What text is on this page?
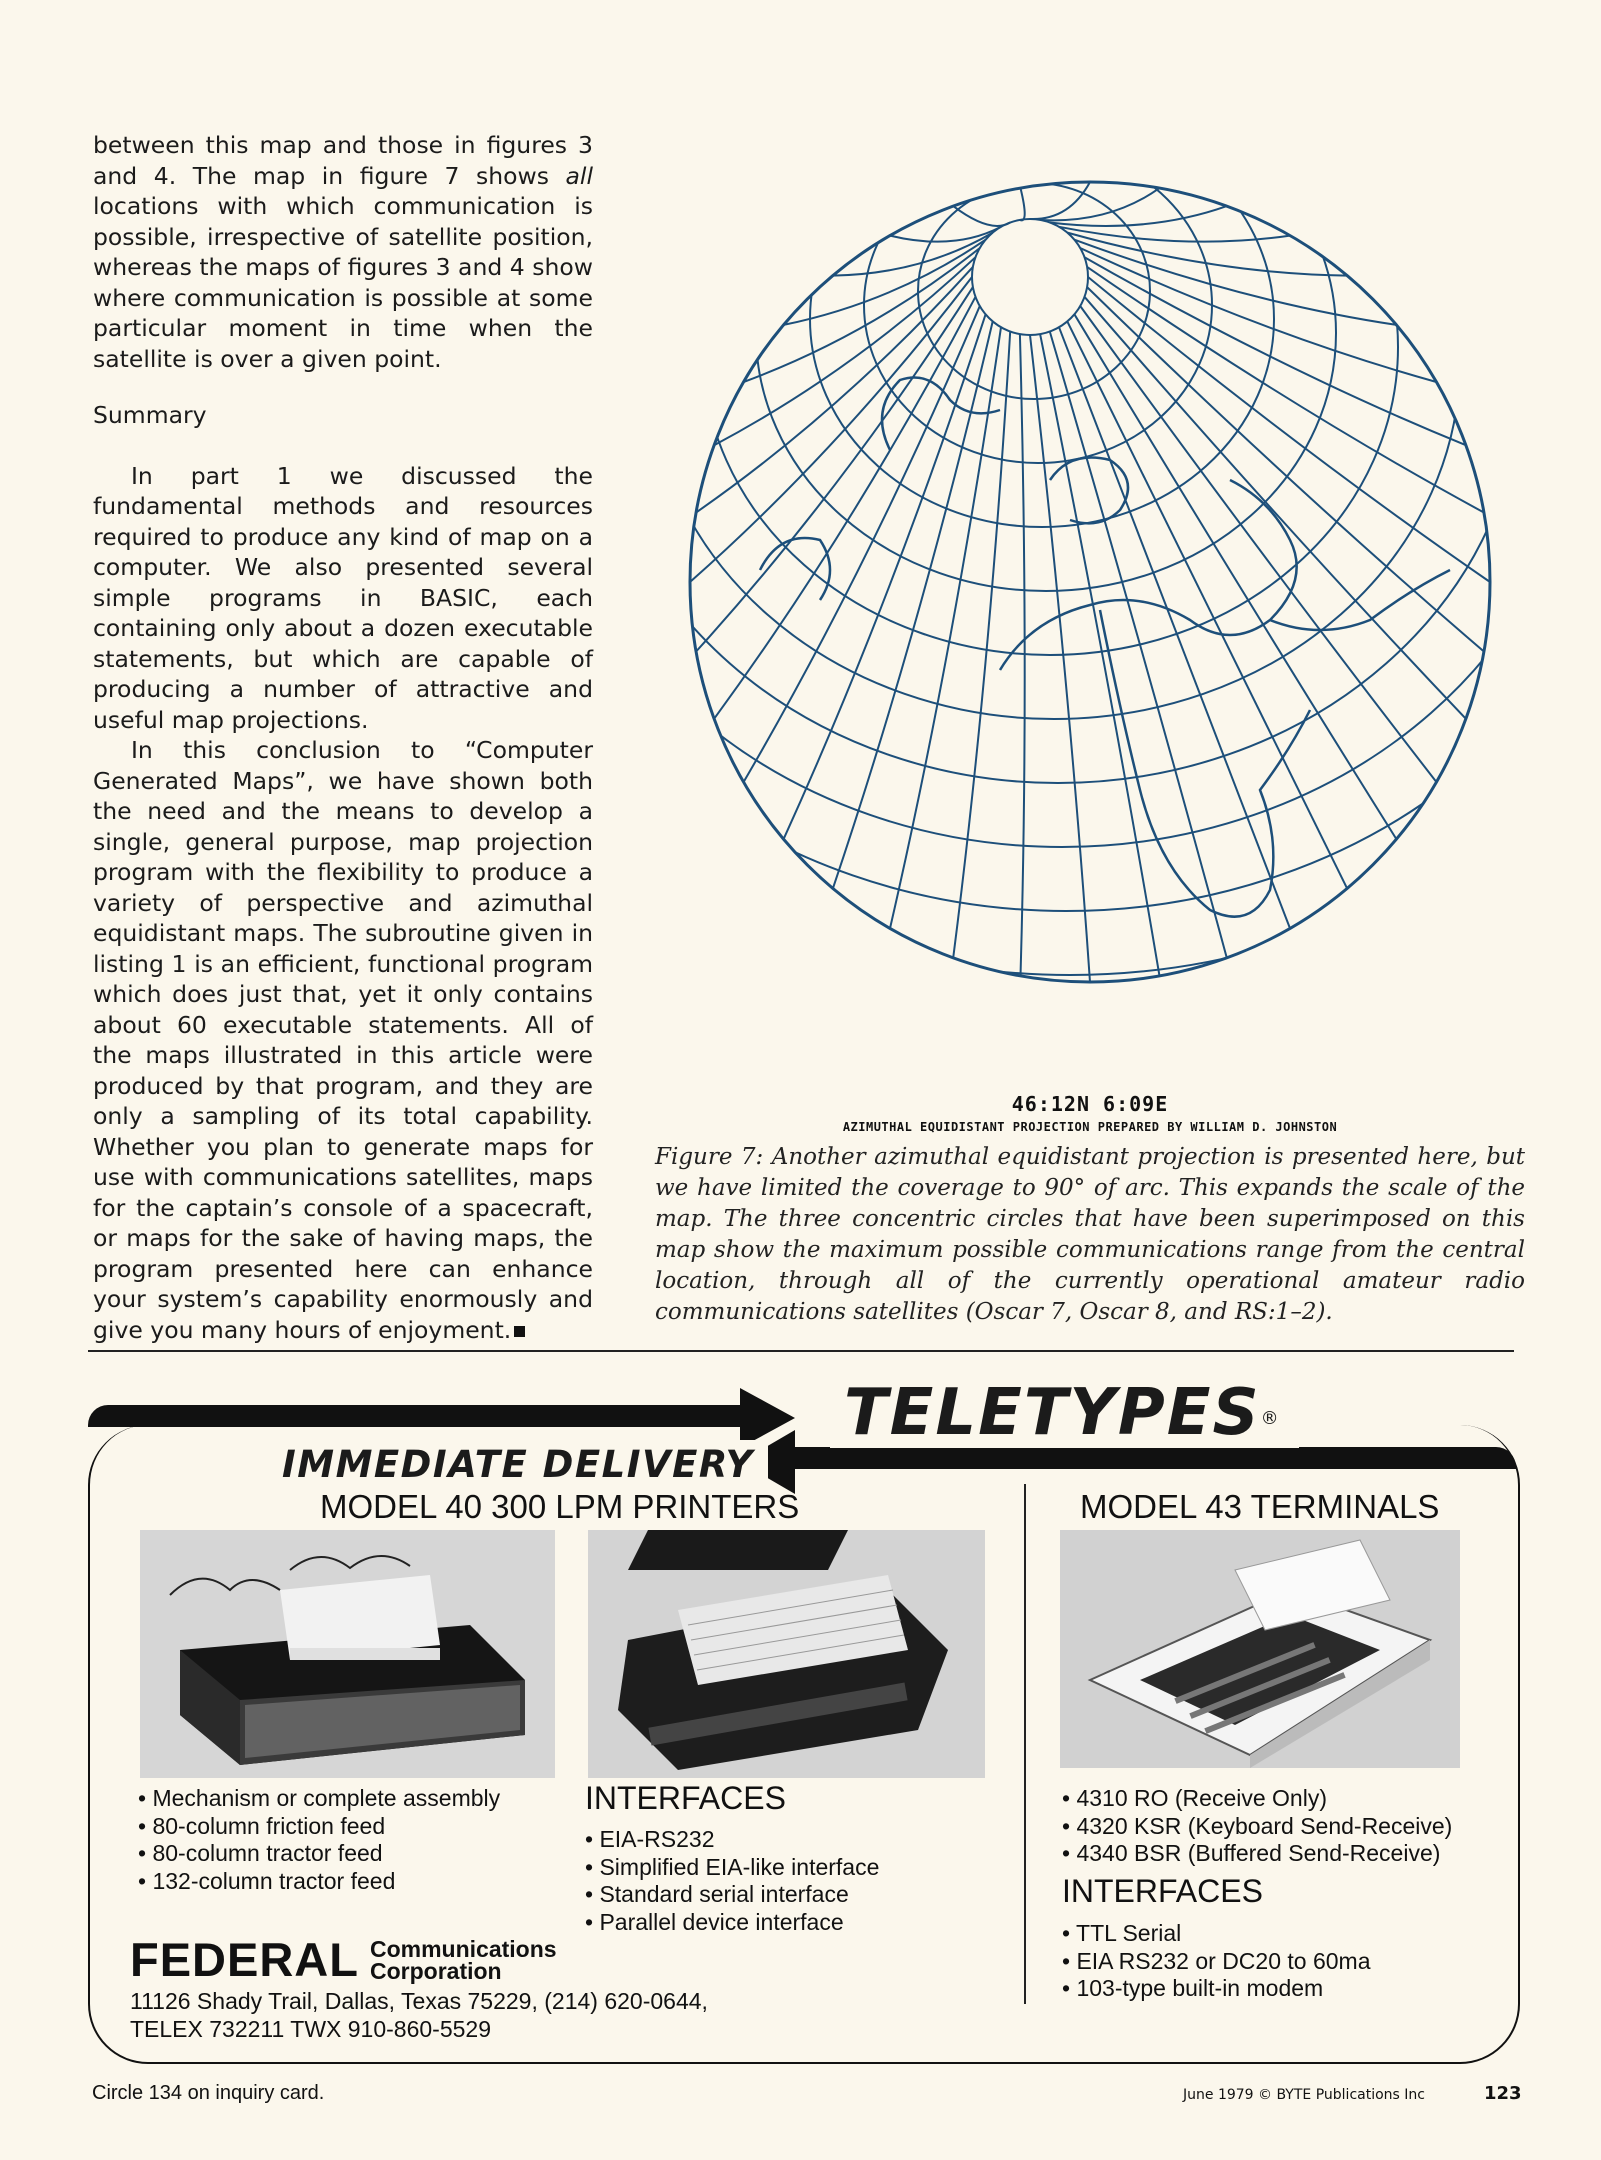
between this map and those in figures 3 and 4. The map in figure 7 shows all locations with which communication is possible, irrespective of satellite position, whereas the maps of figures 3 and 4 show where communication is possible at some particular moment in time when the satellite is over a given point.

Summary

In part 1 we discussed the fundamental methods and resources required to produce any kind of map on a computer. We also presented several simple programs in BASIC, each containing only about a dozen executable statements, but which are capable of producing a number of attractive and useful map projections.

In this conclusion to “Computer Generated Maps”, we have shown both the need and the means to develop a single, general purpose, map projection program with the flexibility to produce a variety of perspective and azimuthal equidistant maps. The subroutine given in listing 1 is an efficient, functional program which does just that, yet it only contains about 60 executable statements. All of the maps illustrated in this article were produced by that program, and they are only a sampling of its total capability. Whether you plan to generate maps for use with communications satellites, maps for the captain’s console of a spacecraft, or maps for the sake of having maps, the program presented here can enhance your system’s capability enormously and give you many hours of enjoyment.

46:12N 6:09E
AZIMUTHAL EQUIDISTANT PROJECTION PREPARED BY WILLIAM D. JOHNSTON
Figure 7: Another azimuthal equidistant projection is presented here, but we have limited the coverage to 90° of arc. This expands the scale of the map. The three concentric circles that have been superimposed on this map show the maximum possible communications range from the central location, through all of the currently operational amateur radio communications satellites (Oscar 7, Oscar 8, and RS:1–2).
TELETYPES®
IMMEDIATE DELIVERY
MODEL 40 300 LPM PRINTERS	MODEL 43 TERMINALS
• Mechanism or complete assembly
• 80-column friction feed
• 80-column tractor feed
• 132-column tractor feed
INTERFACES
• EIA-RS232
• Simplified EIA-like interface
• Standard serial interface
• Parallel device interface
• 4310 RO (Receive Only)
• 4320 KSR (Keyboard Send-Receive)
• 4340 BSR (Buffered Send-Receive)
INTERFACES
• TTL Serial
• EIA RS232 or DC20 to 60ma
• 103-type built-in modem
FEDERAL Communications
Corporation
11126 Shady Trail, Dallas, Texas 75229, (214) 620-0644,
TELEX 732211 TWX 910-860-5529
Circle 134 on inquiry card.	June 1979 © BYTE Publications Inc	123
